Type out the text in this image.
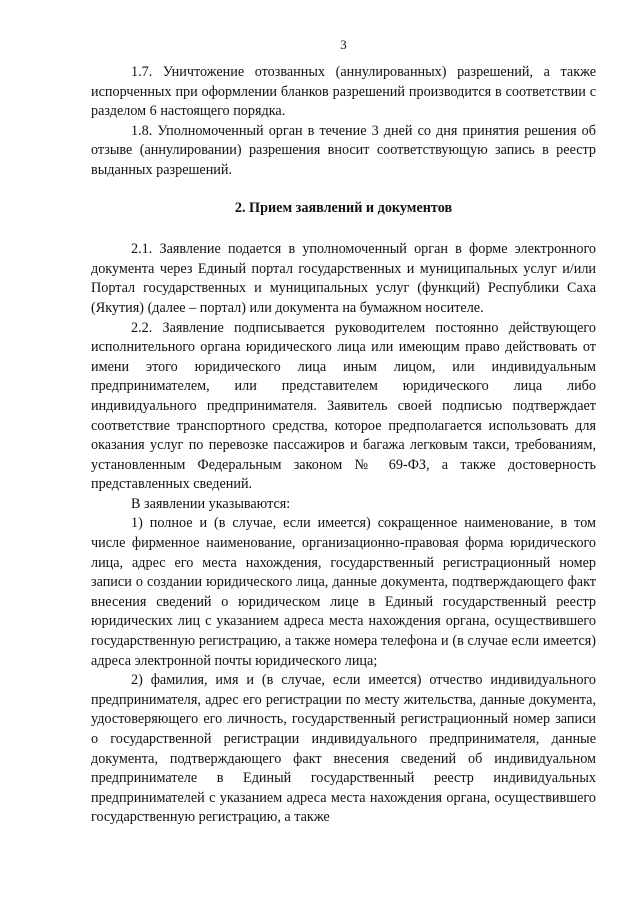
3

1.7. Уничтожение отозванных (аннулированных) разрешений, а также испорченных при оформлении бланков разрешений производится в соответствии с разделом 6 настоящего порядка.

1.8. Уполномоченный орган в течение 3 дней со дня принятия решения об отзыве (аннулировании) разрешения вносит соответствующую запись в реестр выданных разрешений.

2. Прием заявлений и документов

2.1. Заявление подается в уполномоченный орган в форме электронного документа через Единый портал государственных и муниципальных услуг и/или Портал государственных и муниципальных услуг (функций) Республики Саха (Якутия) (далее – портал) или документа на бумажном носителе.

2.2. Заявление подписывается руководителем постоянно действующего исполнительного органа юридического лица или имеющим право действовать от имени этого юридического лица иным лицом, или индивидуальным предпринимателем, или представителем юридического лица либо индивидуального предпринимателя. Заявитель своей подписью подтверждает соответствие транспортного средства, которое предполагается использовать для оказания услуг по перевозке пассажиров и багажа легковым такси, требованиям, установленным Федеральным законом № 69-ФЗ, а также достоверность представленных сведений.

В заявлении указываются:

1) полное и (в случае, если имеется) сокращенное наименование, в том числе фирменное наименование, организационно-правовая форма юридического лица, адрес его места нахождения, государственный регистрационный номер записи о создании юридического лица, данные документа, подтверждающего факт внесения сведений о юридическом лице в Единый государственный реестр юридических лиц с указанием адреса места нахождения органа, осуществившего государственную регистрацию, а также номера телефона и (в случае если имеется) адреса электронной почты юридического лица;

2) фамилия, имя и (в случае, если имеется) отчество индивидуального предпринимателя, адрес его регистрации по месту жительства, данные документа, удостоверяющего его личность, государственный регистрационный номер записи о государственной регистрации индивидуального предпринимателя, данные документа, подтверждающего факт внесения сведений об индивидуальном предпринимателе в Единый государственный реестр индивидуальных предпринимателей с указанием адреса места нахождения органа, осуществившего государственную регистрацию, а также
